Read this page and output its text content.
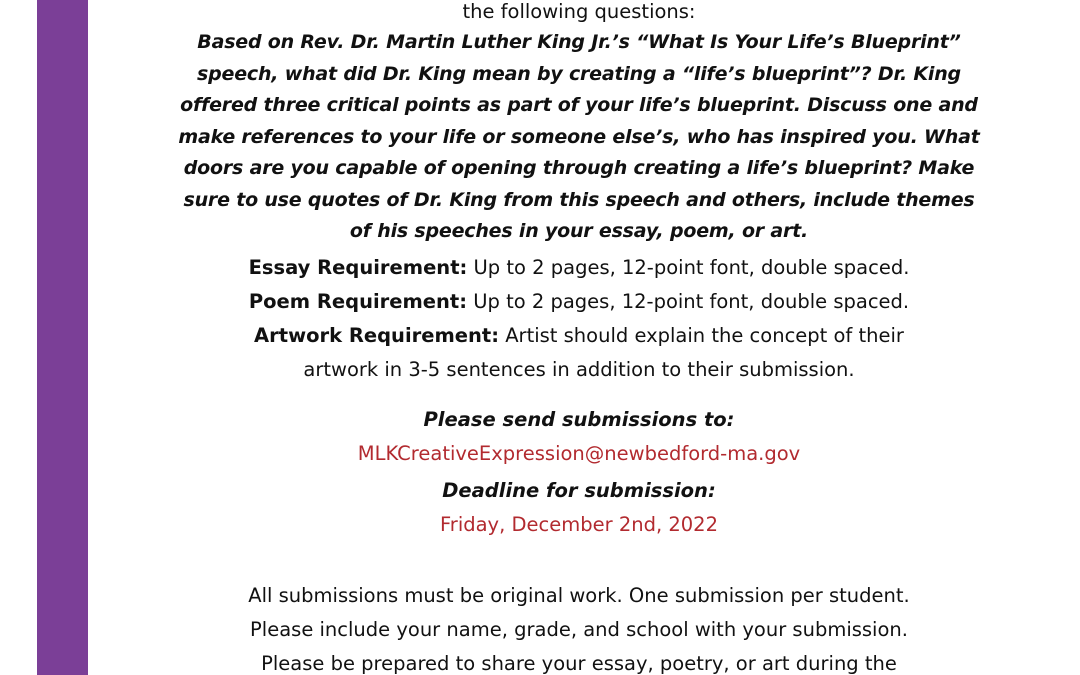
the following questions:

Based on Rev. Dr. Martin Luther King Jr.’s “What Is Your Life’s Blueprint”
speech, what did Dr. King mean by creating a “life’s blueprint”? Dr. King
offered three critical points as part of your life’s blueprint. Discuss one and
make references to your life or someone else’s, who has inspired you. What
doors are you capable of opening through creating a life’s blueprint? Make
sure to use quotes of Dr. King from this speech and others, include themes
of his speeches in your essay, poem, or art.

Essay Requirement: Up to 2 pages, 12-point font, double spaced.
Poem Requirement: Up to 2 pages, 12-point font, double spaced.
Artwork Requirement: Artist should explain the concept of their
artwork in 3-5 sentences in addition to their submission.

Please send submissions to:

MLKCreativeExpression@newbedford-ma.gov

Deadline for submission:

Friday, December 2nd, 2022

All submissions must be original work. One submission per student.
Please include your name, grade, and school with your submission.
Please be prepared to share your essay, poetry, or art during the
